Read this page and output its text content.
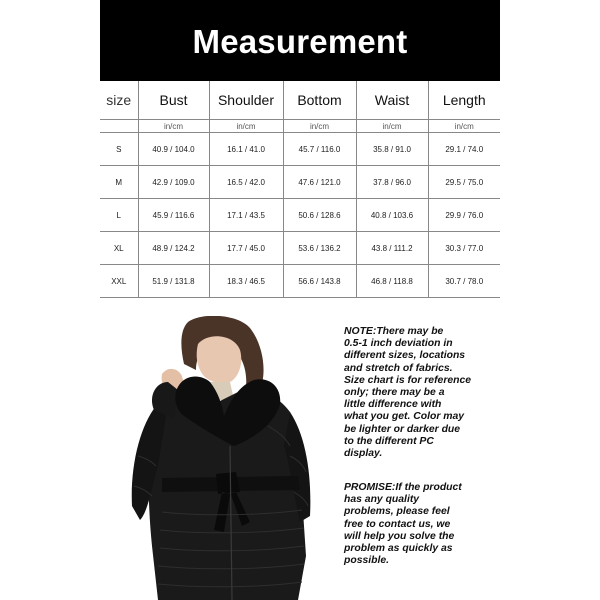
Measurement
size	Bust	Shoulder	Bottom	Waist	Length
	in/cm	in/cm	in/cm	in/cm	in/cm
S	40.9 / 104.0	16.1 / 41.0	45.7 / 116.0	35.8 / 91.0	29.1 / 74.0
M	42.9 / 109.0	16.5 / 42.0	47.6 / 121.0	37.8 / 96.0	29.5 / 75.0
L	45.9 / 116.6	17.1 / 43.5	50.6 / 128.6	40.8 / 103.6	29.9 / 76.0
XL	48.9 / 124.2	17.7 / 45.0	53.6 / 136.2	43.8 / 111.2	30.3 / 77.0
XXL	51.9 / 131.8	18.3 / 46.5	56.6 / 143.8	46.8 / 118.8	30.7 / 78.0
NOTE:There may be
0.5-1 inch deviation in
different sizes, locations
and stretch of fabrics.
Size chart is for reference
only; there may be a
little difference with
what you get. Color may
be lighter or darker due
to the different PC
display.
PROMISE:If the product
has any quality
problems, please feel
free to contact us, we
will help you solve the
problem as quickly as
possible.
